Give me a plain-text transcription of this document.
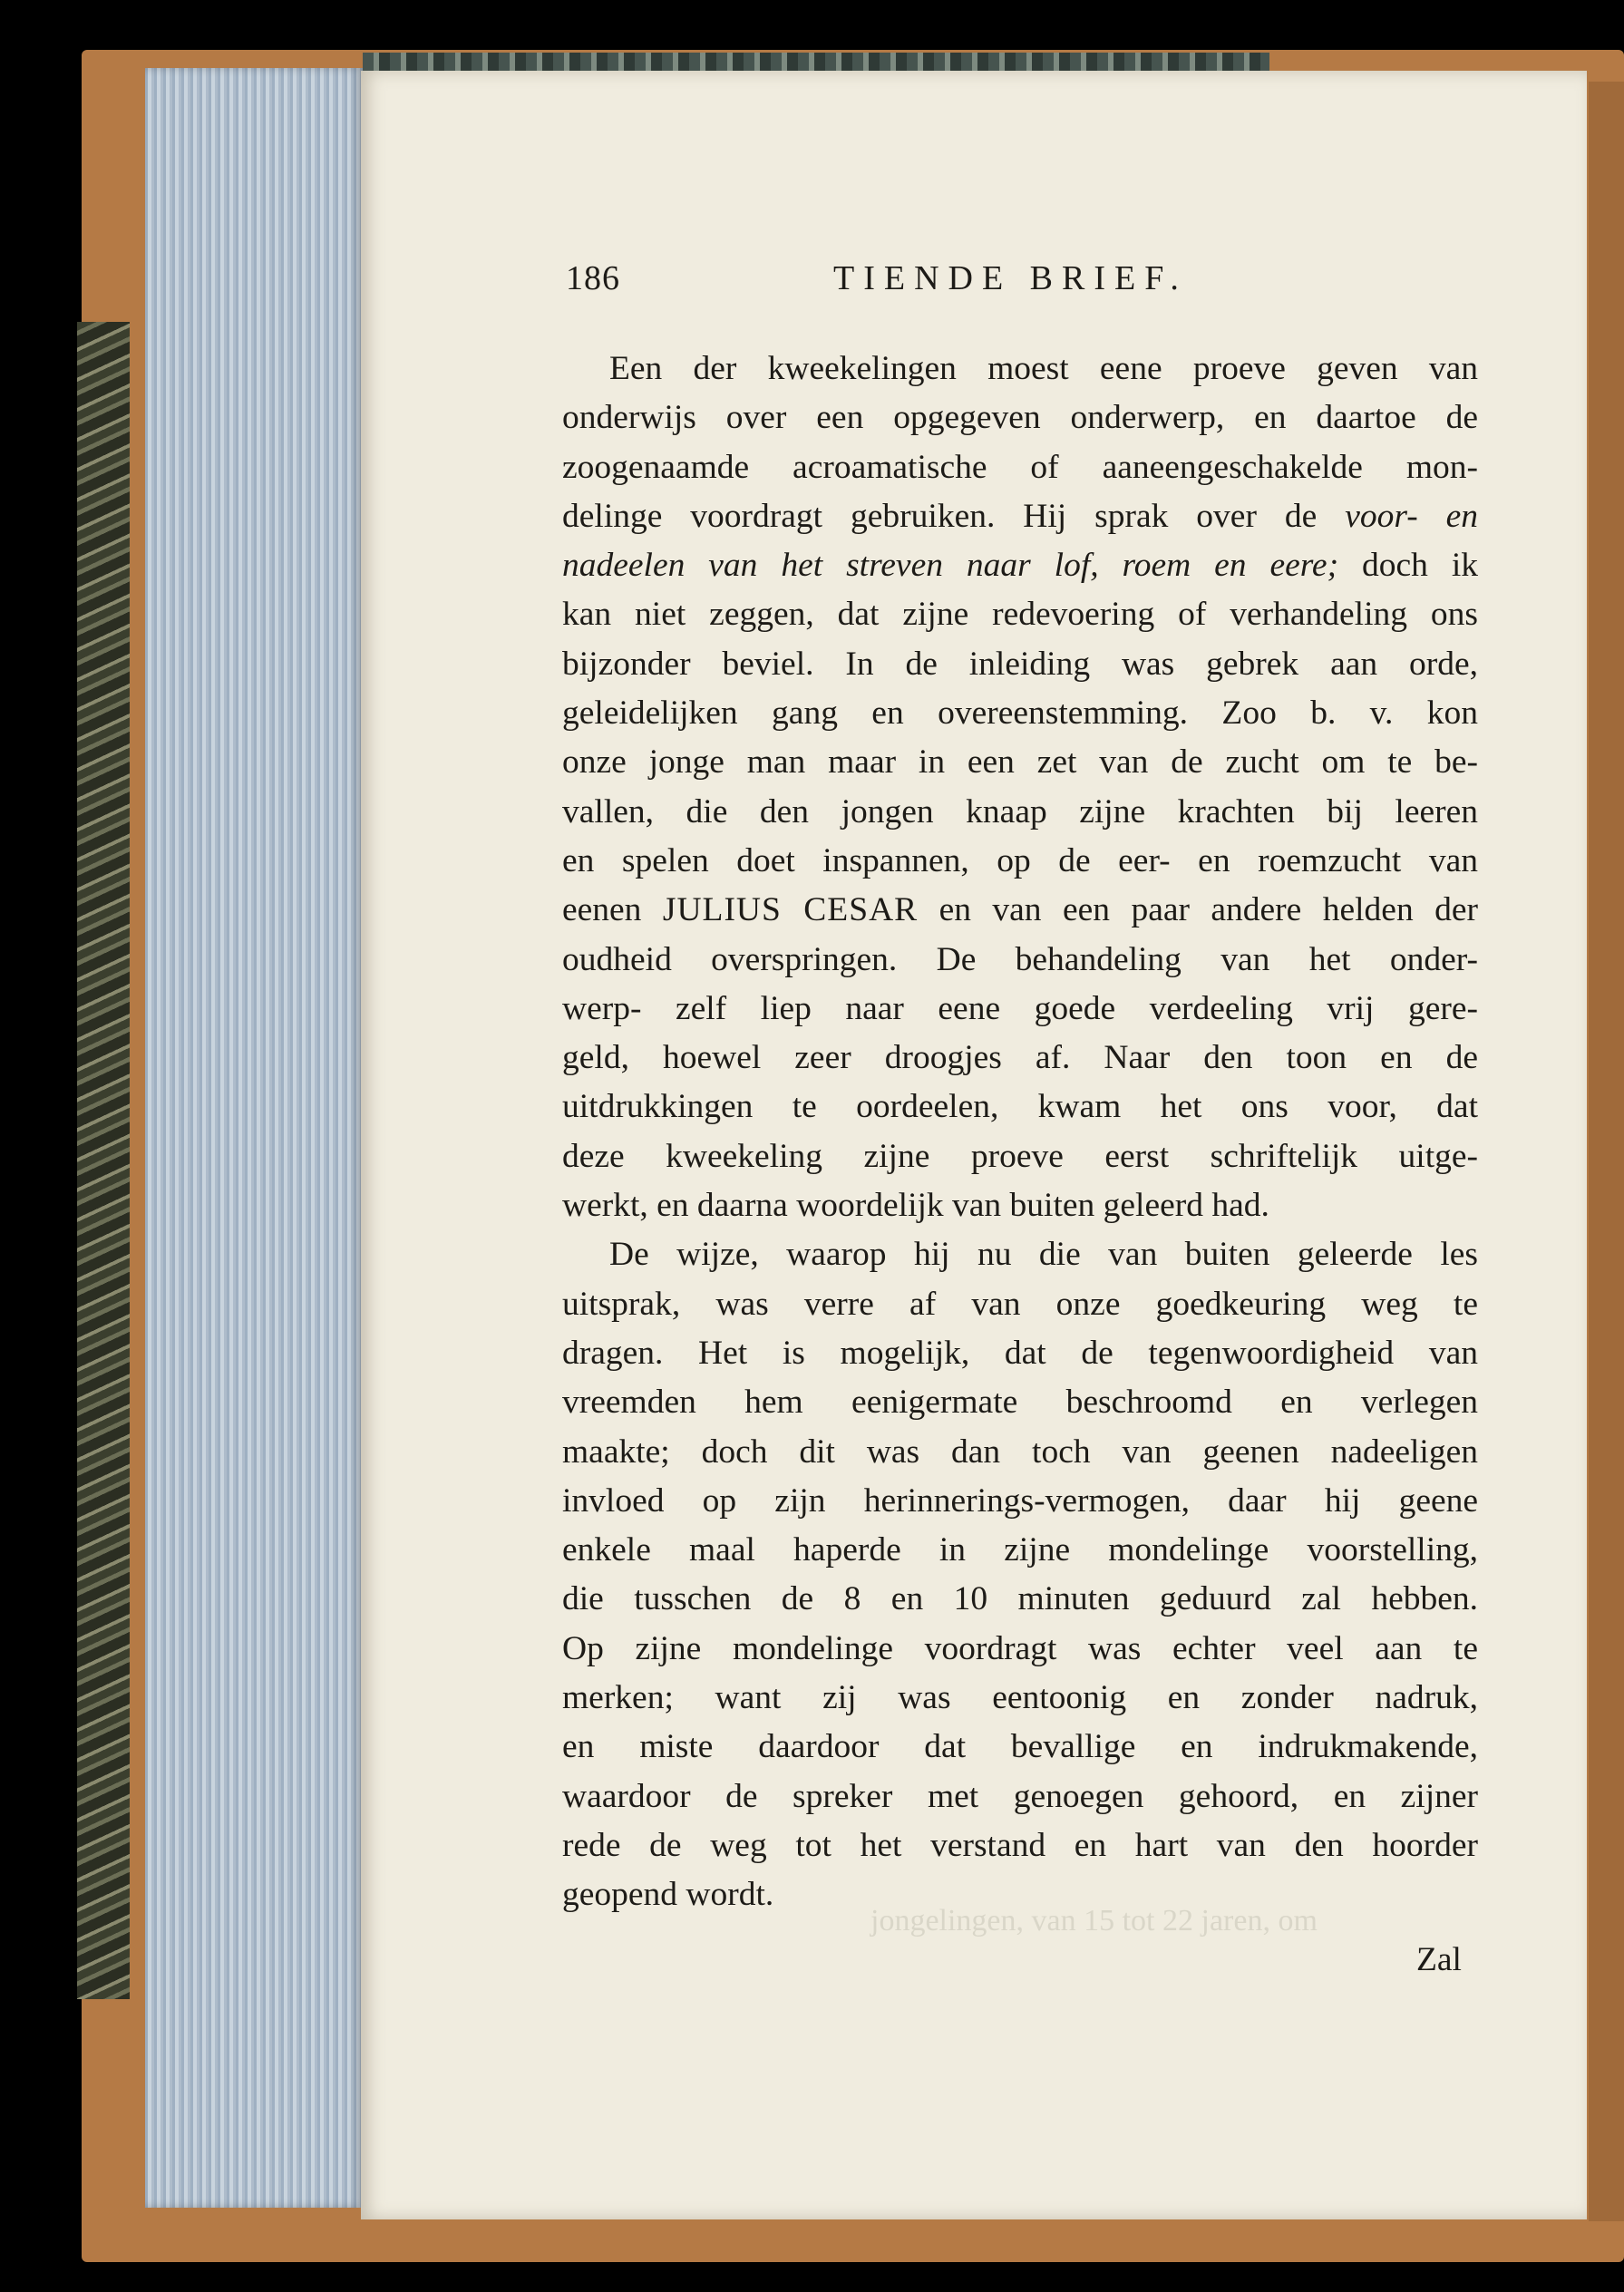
186	TIENDE BRIEF.
jongelingen, van 15 tot 22 jaren, om
Een der kweekelingen moest eene proeve geven van
onderwijs over een opgegeven onderwerp, en daartoe de
zoogenaamde acroamatische of aaneengeschakelde mon-
delinge voordragt gebruiken. Hij sprak over de voor- en
nadeelen van het streven naar lof, roem en eere; doch ik
kan niet zeggen, dat zijne redevoering of verhandeling ons
bijzonder beviel. In de inleiding was gebrek aan orde,
geleidelijken gang en overeenstemming. Zoo b. v. kon
onze jonge man maar in een zet van de zucht om te be-
vallen, die den jongen knaap zijne krachten bij leeren
en spelen doet inspannen, op de eer- en roemzucht van
eenen JULIUS CESAR en van een paar andere helden der
oudheid overspringen. De behandeling van het onder-
werp- zelf liep naar eene goede verdeeling vrij gere-
geld, hoewel zeer droogjes af. Naar den toon en de
uitdrukkingen te oordeelen, kwam het ons voor, dat
deze kweekeling zijne proeve eerst schriftelijk uitge-
werkt, en daarna woordelijk van buiten geleerd had.
De wijze, waarop hij nu die van buiten geleerde les
uitsprak, was verre af van onze goedkeuring weg te
dragen. Het is mogelijk, dat de tegenwoordigheid van
vreemden hem eenigermate beschroomd en verlegen
maakte; doch dit was dan toch van geenen nadeeligen
invloed op zijn herinnerings-vermogen, daar hij geene
enkele maal haperde in zijne mondelinge voorstelling,
die tusschen de 8 en 10 minuten geduurd zal hebben.
Op zijne mondelinge voordragt was echter veel aan te
merken; want zij was eentoonig en zonder nadruk,
en miste daardoor dat bevallige en indrukmakende,
waardoor de spreker met genoegen gehoord, en zijner
rede de weg tot het verstand en hart van den hoorder
geopend wordt.
Zal
